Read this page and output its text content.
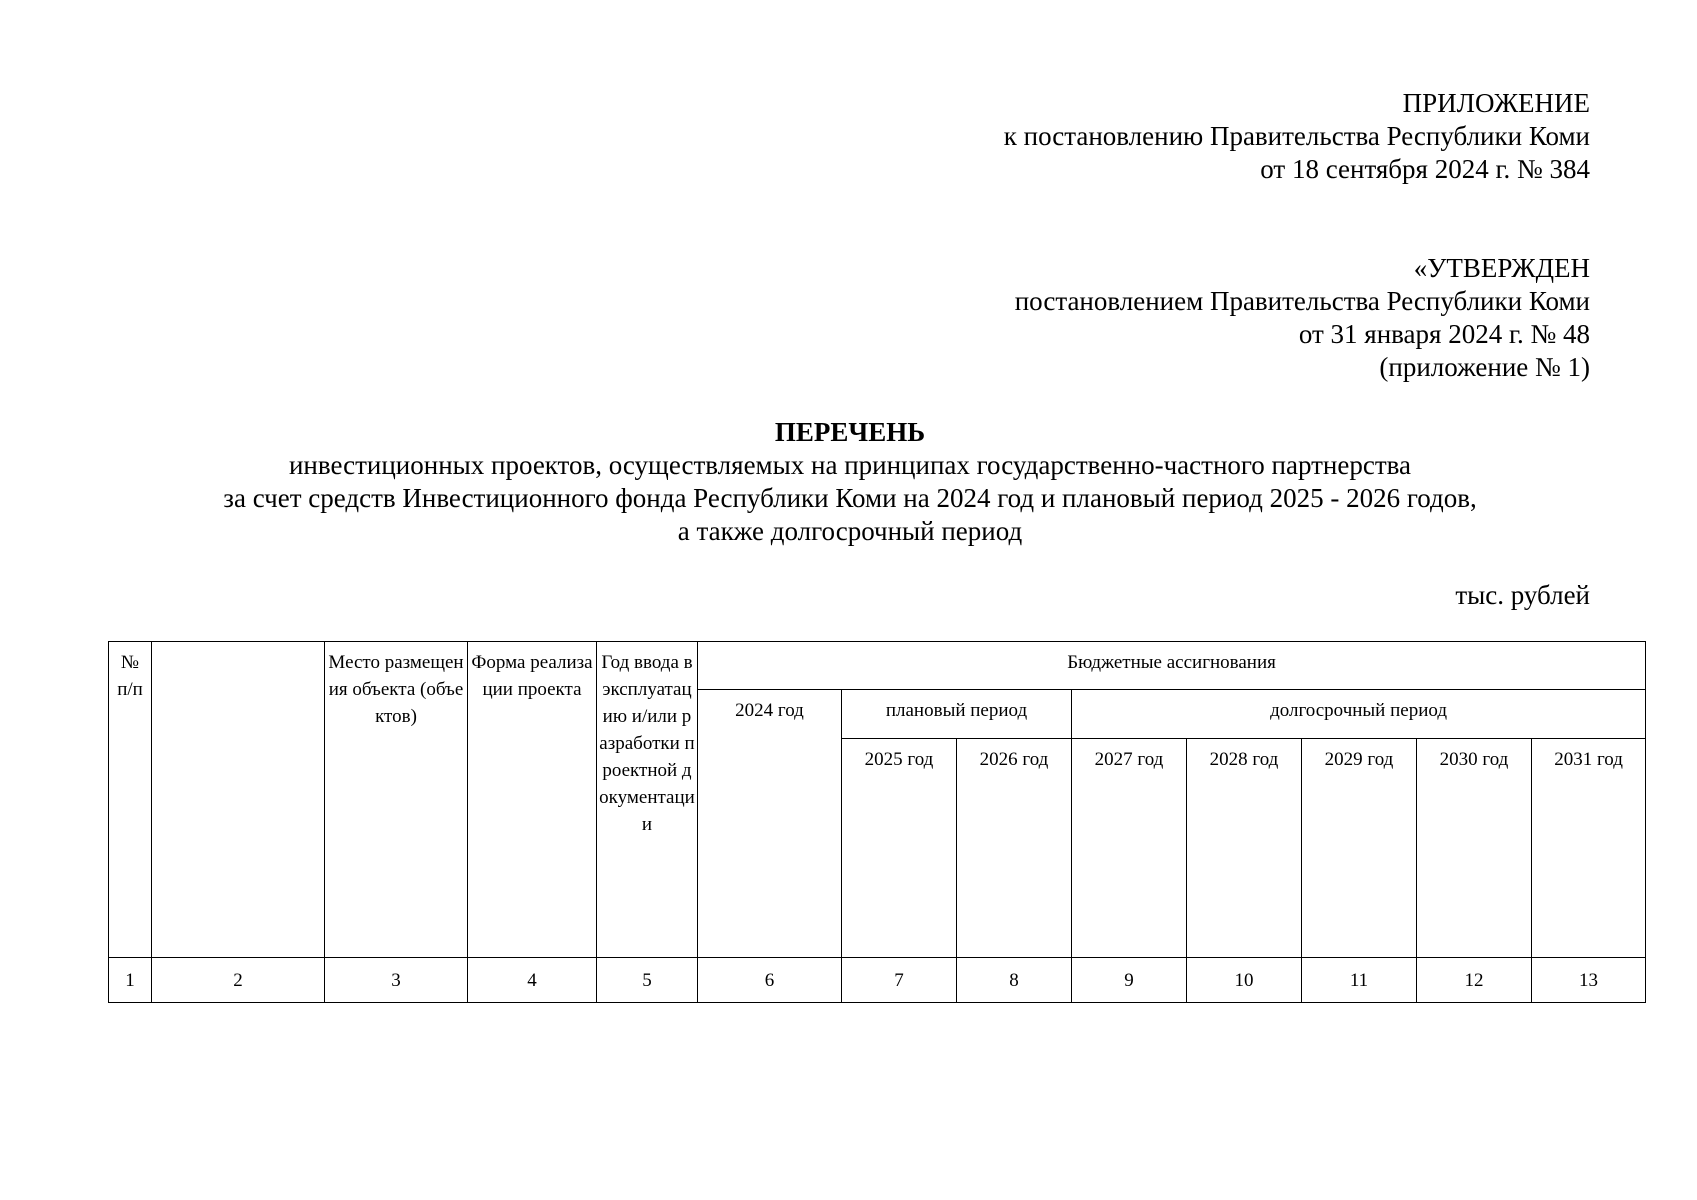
ПРИЛОЖЕНИЕ
к постановлению Правительства Республики Коми
от 18 сентября 2024 г. № 384
«УТВЕРЖДЕН
постановлением Правительства Республики Коми
от 31 января 2024 г. № 48
(приложение № 1)
ПЕРЕЧЕНЬ
инвестиционных проектов, осуществляемых на принципах государственно-частного партнерства
за счет средств Инвестиционного фонда Республики Коми на 2024 год и плановый период 2025 - 2026 годов,
а также долгосрочный период
тыс. рублей
№ п/п		Место размещения объекта (объектов)	Форма реализации проекта	Год ввода в эксплуатацию и/или разработки проектной документации	Бюджетные ассигнования							
					2024 год	плановый период		долгосрочный период				
						2025 год	2026 год	2027 год	2028 год	2029 год	2030 год	2031 год
1	2	3	4	5	6	7	8	9	10	11	12	13
